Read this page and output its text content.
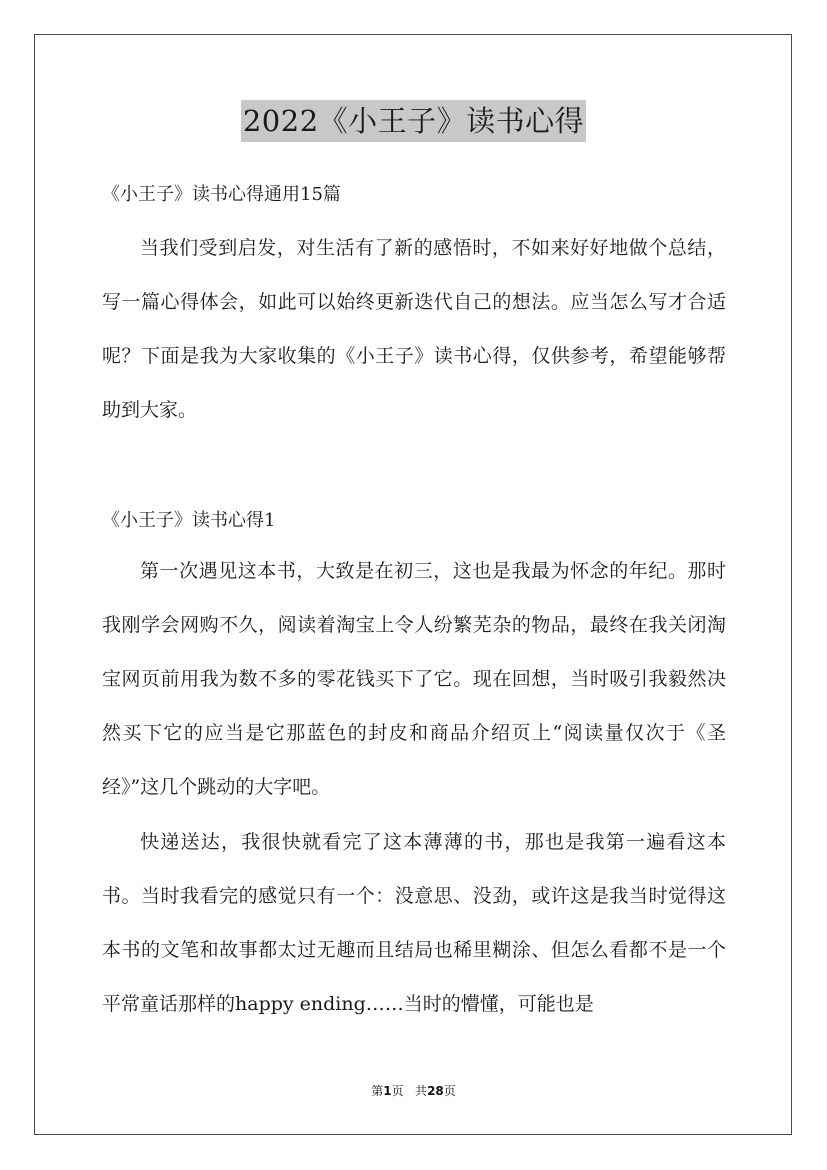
2022《小王子》读书心得

《小王子》读书心得通用15篇

当我们受到启发，对生活有了新的感悟时，不如来好好地做个总结，写一篇心得体会，如此可以始终更新迭代自己的想法。应当怎么写才合适呢？下面是我为大家收集的《小王子》读书心得，仅供参考，希望能够帮助到大家。

《小王子》读书心得1

第一次遇见这本书，大致是在初三，这也是我最为怀念的年纪。那时我刚学会网购不久，阅读着淘宝上令人纷繁芜杂的物品，最终在我关闭淘宝网页前用我为数不多的零花钱买下了它。现在回想，当时吸引我毅然决然买下它的应当是它那蓝色的封皮和商品介绍页上“阅读量仅次于《圣经》”这几个跳动的大字吧。

快递送达，我很快就看完了这本薄薄的书，那也是我第一遍看这本书。当时我看完的感觉只有一个：没意思、没劲，或许这是我当时觉得这本书的文笔和故事都太过无趣而且结局也稀里糊涂、但怎么看都不是一个平常童话那样的happy ending……当时的懵懂，可能也是

第1页 共28页
